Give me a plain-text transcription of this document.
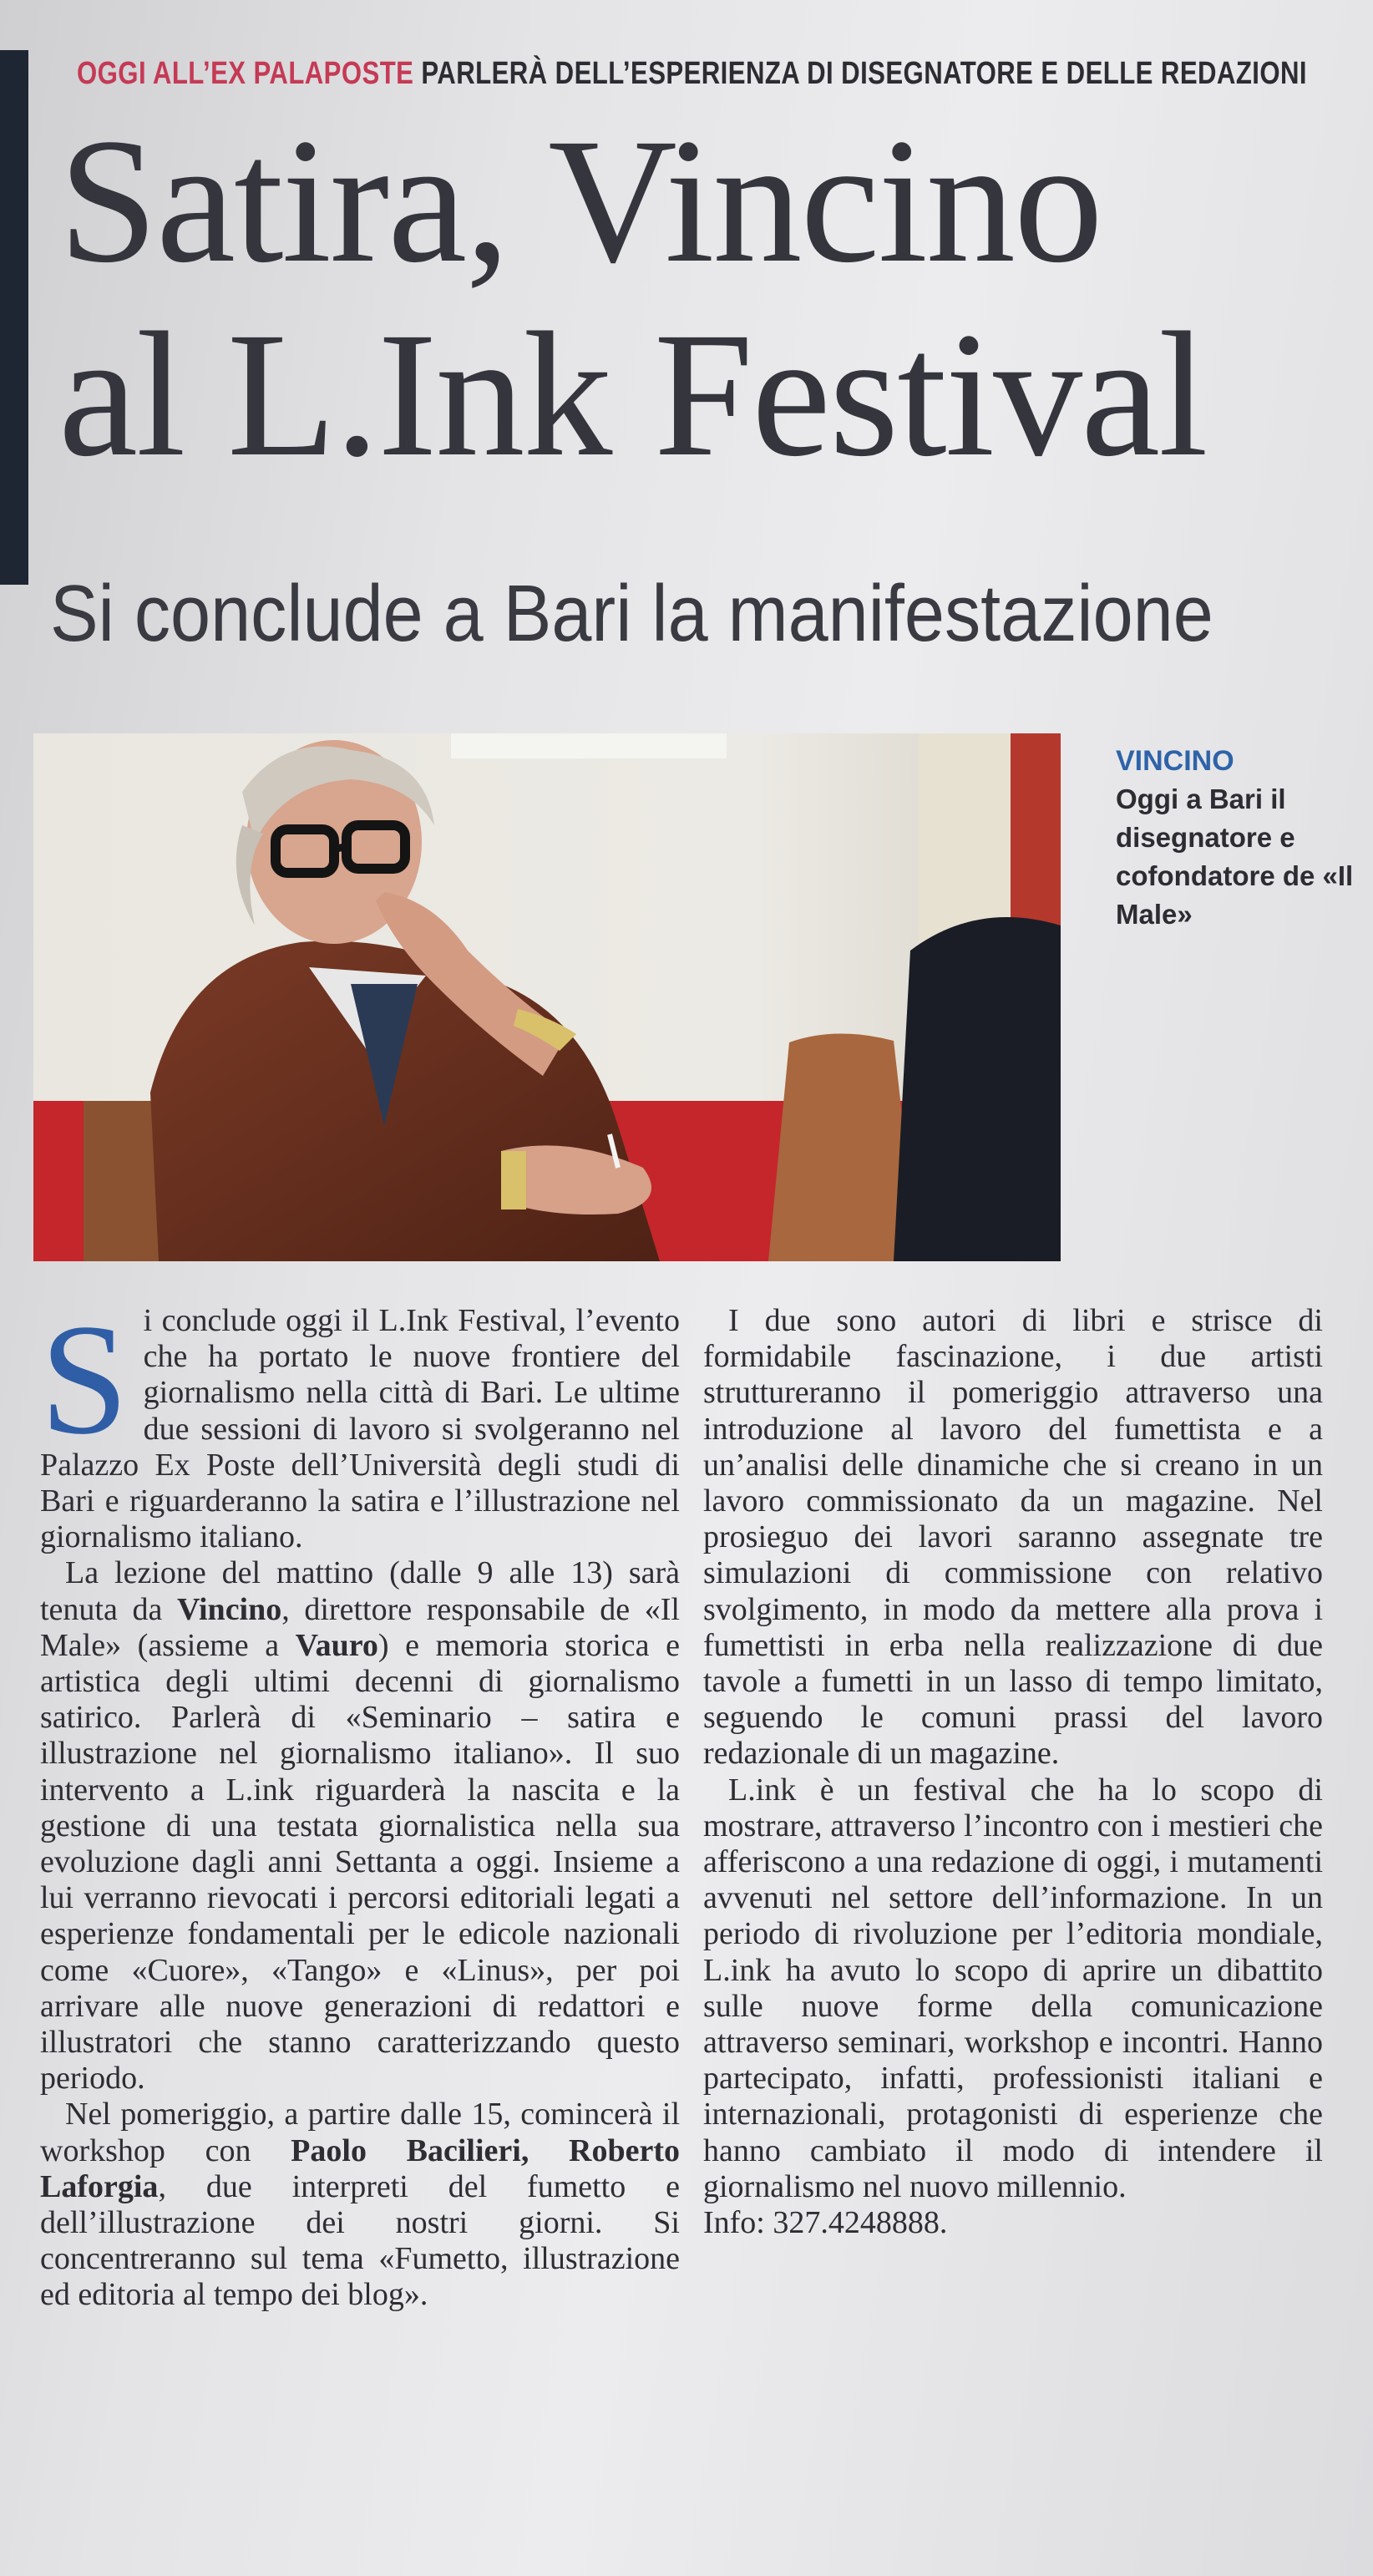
OGGI ALL’EX PALAPOSTE PARLERÀ DELL’ESPERIENZA DI DISEGNATORE E DELLE REDAZIONI
Satira, Vincino
al L.Ink Festival
Si conclude a Bari la manifestazione
VINCINO
Oggi a Bari il disegnatore e cofondatore de «Il Male»

Si conclude oggi il L.Ink Festival, l’evento che ha portato le nuove frontiere del giornalismo nella città di Bari. Le ultime due sessioni di lavoro si svolgeranno nel Palazzo Ex Poste dell’Università degli studi di Bari e riguarderanno la satira e l’illustrazione nel giornalismo italiano.

La lezione del mattino (dalle 9 alle 13) sarà tenuta da Vincino, direttore responsabile de «Il Male» (assieme a Vauro) e memoria storica e artistica degli ultimi decenni di giornalismo satirico. Parlerà di «Seminario – satira e illustrazione nel giornalismo italiano». Il suo intervento a L.ink riguarderà la nascita e la gestione di una testata giornalistica nella sua evoluzione dagli anni Settanta a oggi. Insieme a lui verranno rievocati i percorsi editoriali legati a esperienze fondamentali per le edicole nazionali come «Cuore», «Tango» e «Linus», per poi arrivare alle nuove generazioni di redattori e illustratori che stanno caratterizzando questo periodo.

Nel pomeriggio, a partire dalle 15, comincerà il workshop con Paolo Bacilieri, Roberto Laforgia, due interpreti del fumetto e dell’illustrazione dei nostri giorni. Si concentreranno sul tema «Fumetto, illustrazione ed editoria al tempo dei blog».

I due sono autori di libri e strisce di formidabile fascinazione, i due artisti struttureranno il pomeriggio attraverso una introduzione al lavoro del fumettista e a un’analisi delle dinamiche che si creano in un lavoro commissionato da un magazine. Nel prosieguo dei lavori saranno assegnate tre simulazioni di commissione con relativo svolgimento, in modo da mettere alla prova i fumettisti in erba nella realizzazione di due tavole a fumetti in un lasso di tempo limitato, seguendo le comuni prassi del lavoro redazionale di un magazine.

L.ink è un festival che ha lo scopo di mostrare, attraverso l’incontro con i mestieri che afferiscono a una redazione di oggi, i mutamenti avvenuti nel settore dell’informazione. In un periodo di rivoluzione per l’editoria mondiale, L.ink ha avuto lo scopo di aprire un dibattito sulle nuove forme della comunicazione attraverso seminari, workshop e incontri. Hanno partecipato, infatti, professionisti italiani e internazionali, protagonisti di esperienze che hanno cambiato il modo di intendere il giornalismo nel nuovo millennio.

Info: 327.4248888.
